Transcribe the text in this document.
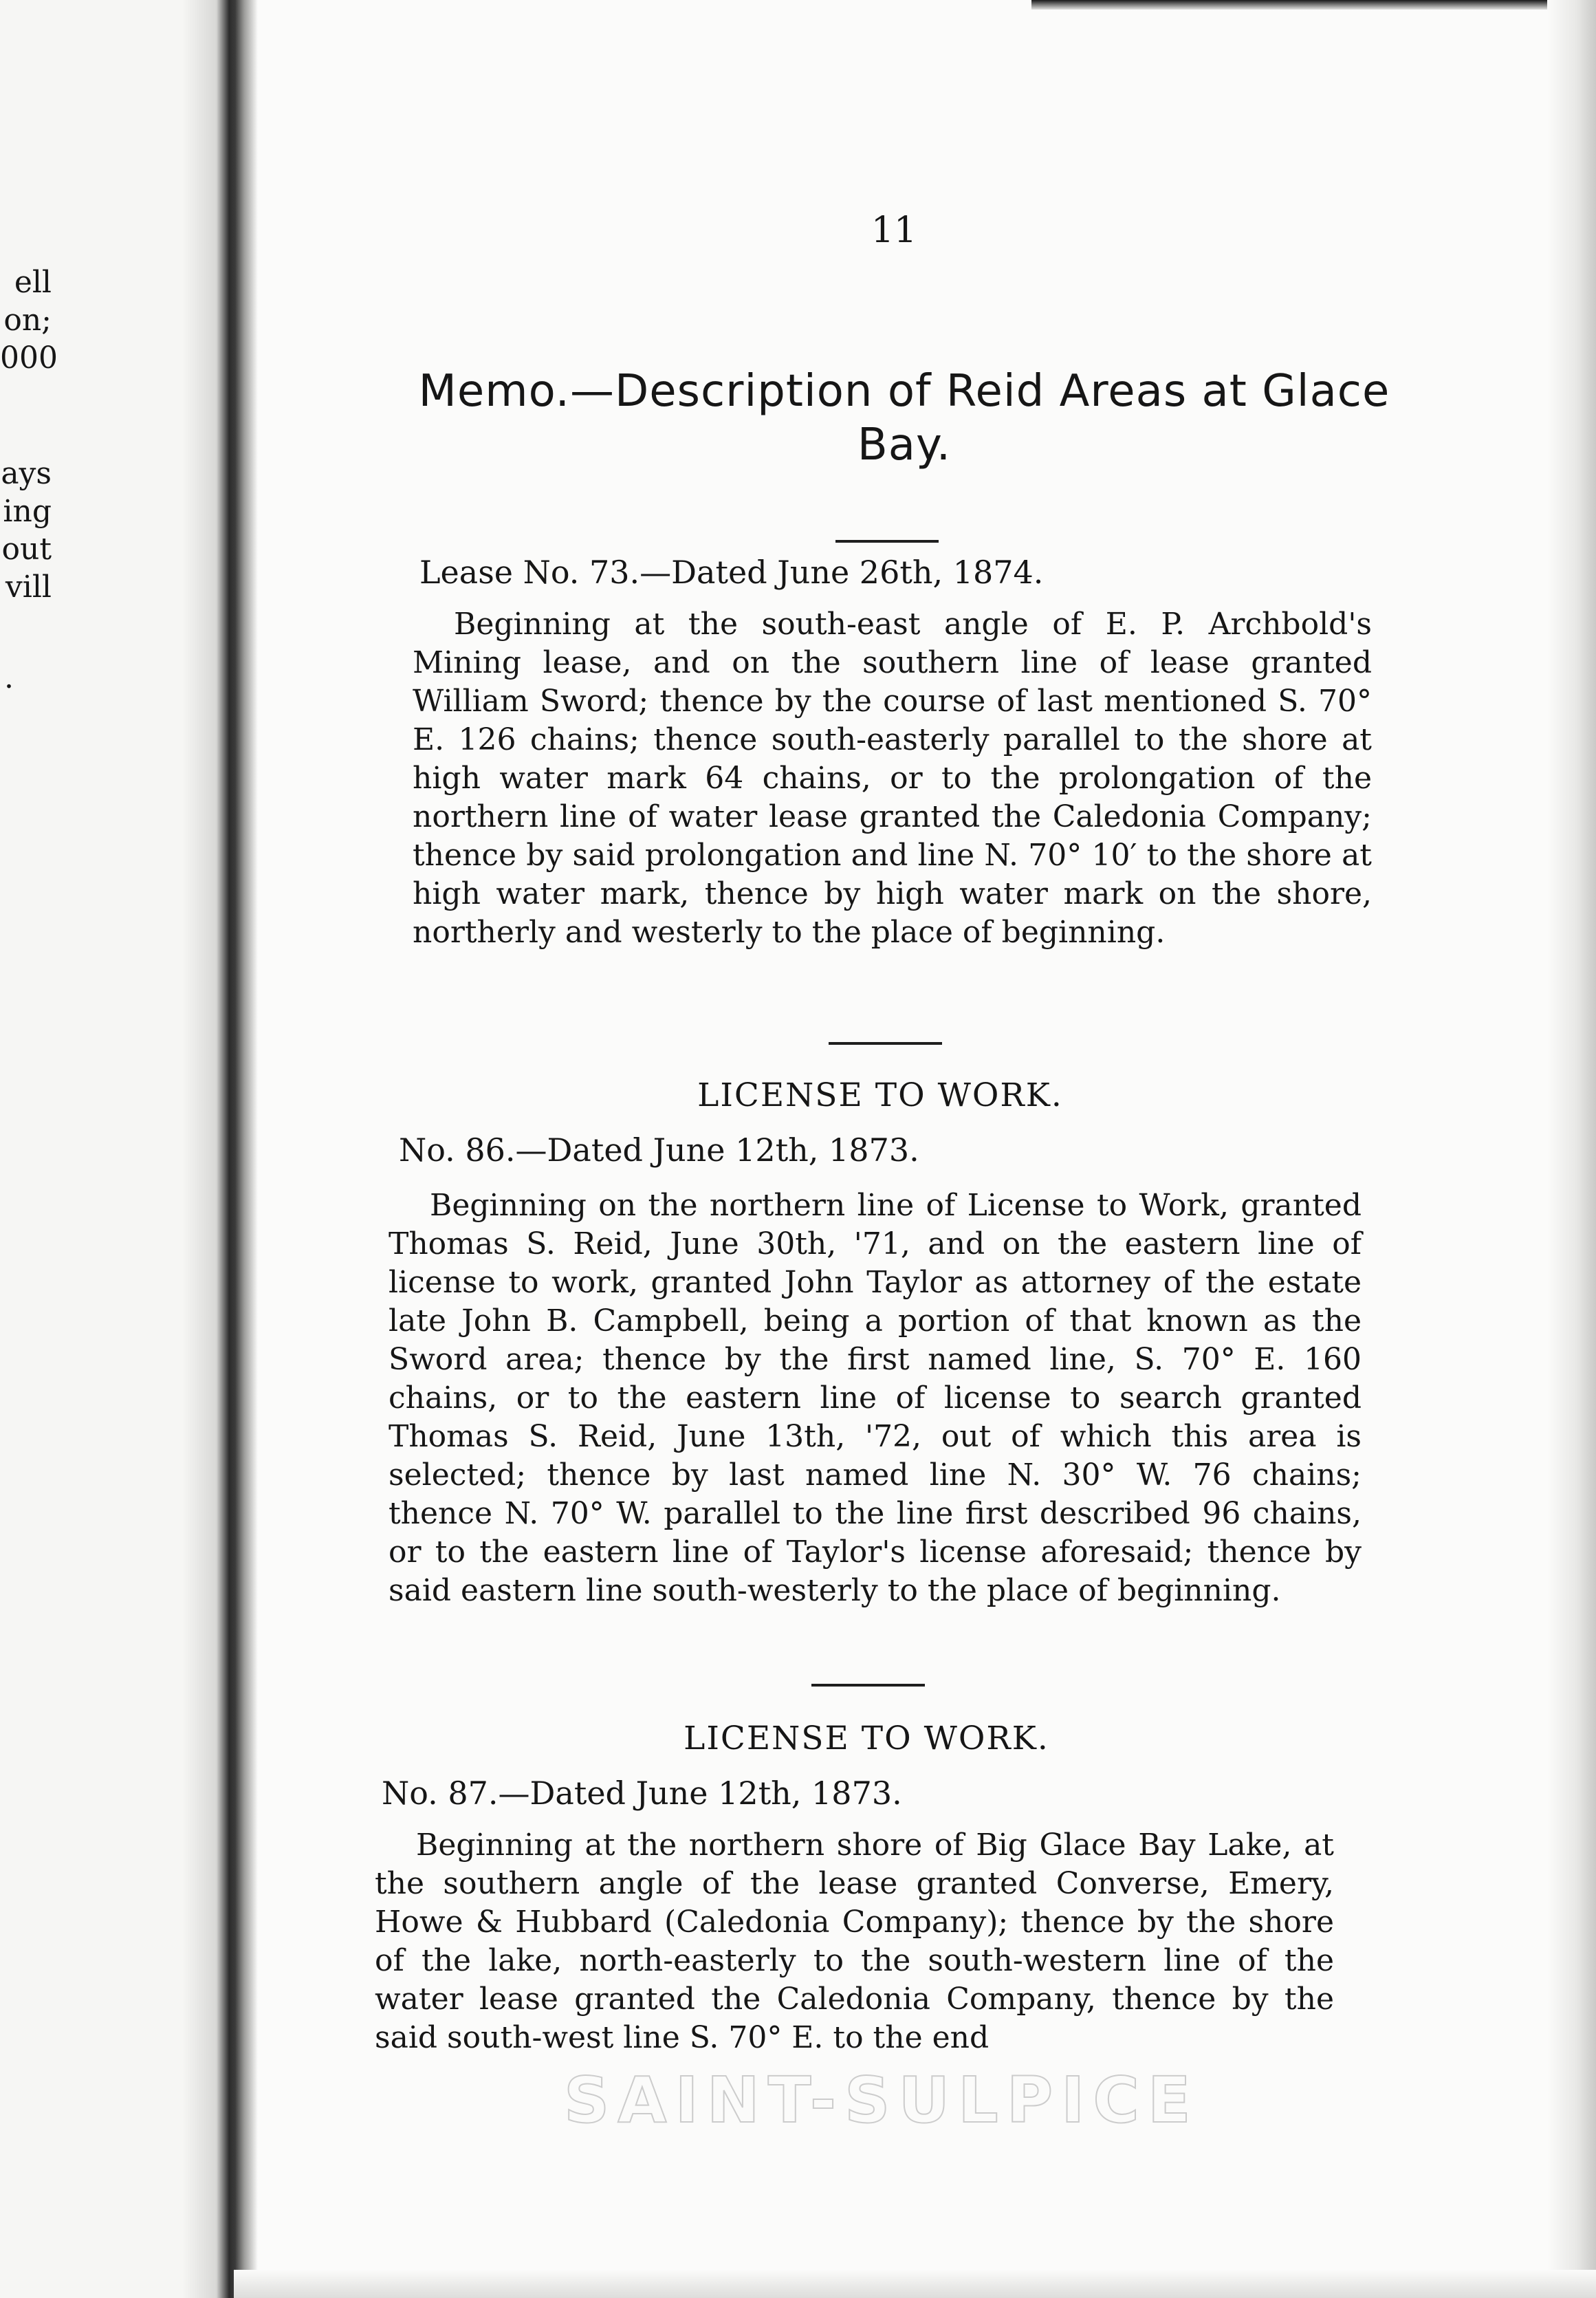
ell
on;
000
ays
ing
out
vill
.
11
Memo.—Description of Reid Areas at Glace Bay.
Lease No. 73.—Dated June 26th, 1874.
Beginning at the south-east angle of E. P. Archbold's Mining lease, and on the southern line of lease granted William Sword; thence by the course of last mentioned S. 70° E. 126 chains; thence south-easterly parallel to the shore at high water mark 64 chains, or to the prolongation of the northern line of water lease granted the Caledonia Company; thence by said prolongation and line N. 70° 10′ to the shore at high water mark, thence by high water mark on the shore, northerly and westerly to the place of beginning.
LICENSE TO WORK.
No. 86.—Dated June 12th, 1873.
Beginning on the northern line of License to Work, granted Thomas S. Reid, June 30th, '71, and on the eastern line of license to work, granted John Taylor as attorney of the estate late John B. Campbell, being a portion of that known as the Sword area; thence by the first named line, S. 70° E. 160 chains, or to the eastern line of license to search granted Thomas S. Reid, June 13th, '72, out of which this area is selected; thence by last named line N. 30° W. 76 chains; thence N. 70° W. parallel to the line first described 96 chains, or to the eastern line of Taylor's license aforesaid; thence by said eastern line south-westerly to the place of beginning.
LICENSE TO WORK.
No. 87.—Dated June 12th, 1873.
Beginning at the northern shore of Big Glace Bay Lake, at the southern angle of the lease granted Converse, Emery, Howe & Hubbard (Caledonia Company); thence by the shore of the lake, north-easterly to the south-western line of the water lease granted the Caledonia Company, thence by the said south-west line S. 70° E. to the end
SAINT-SULPICE
